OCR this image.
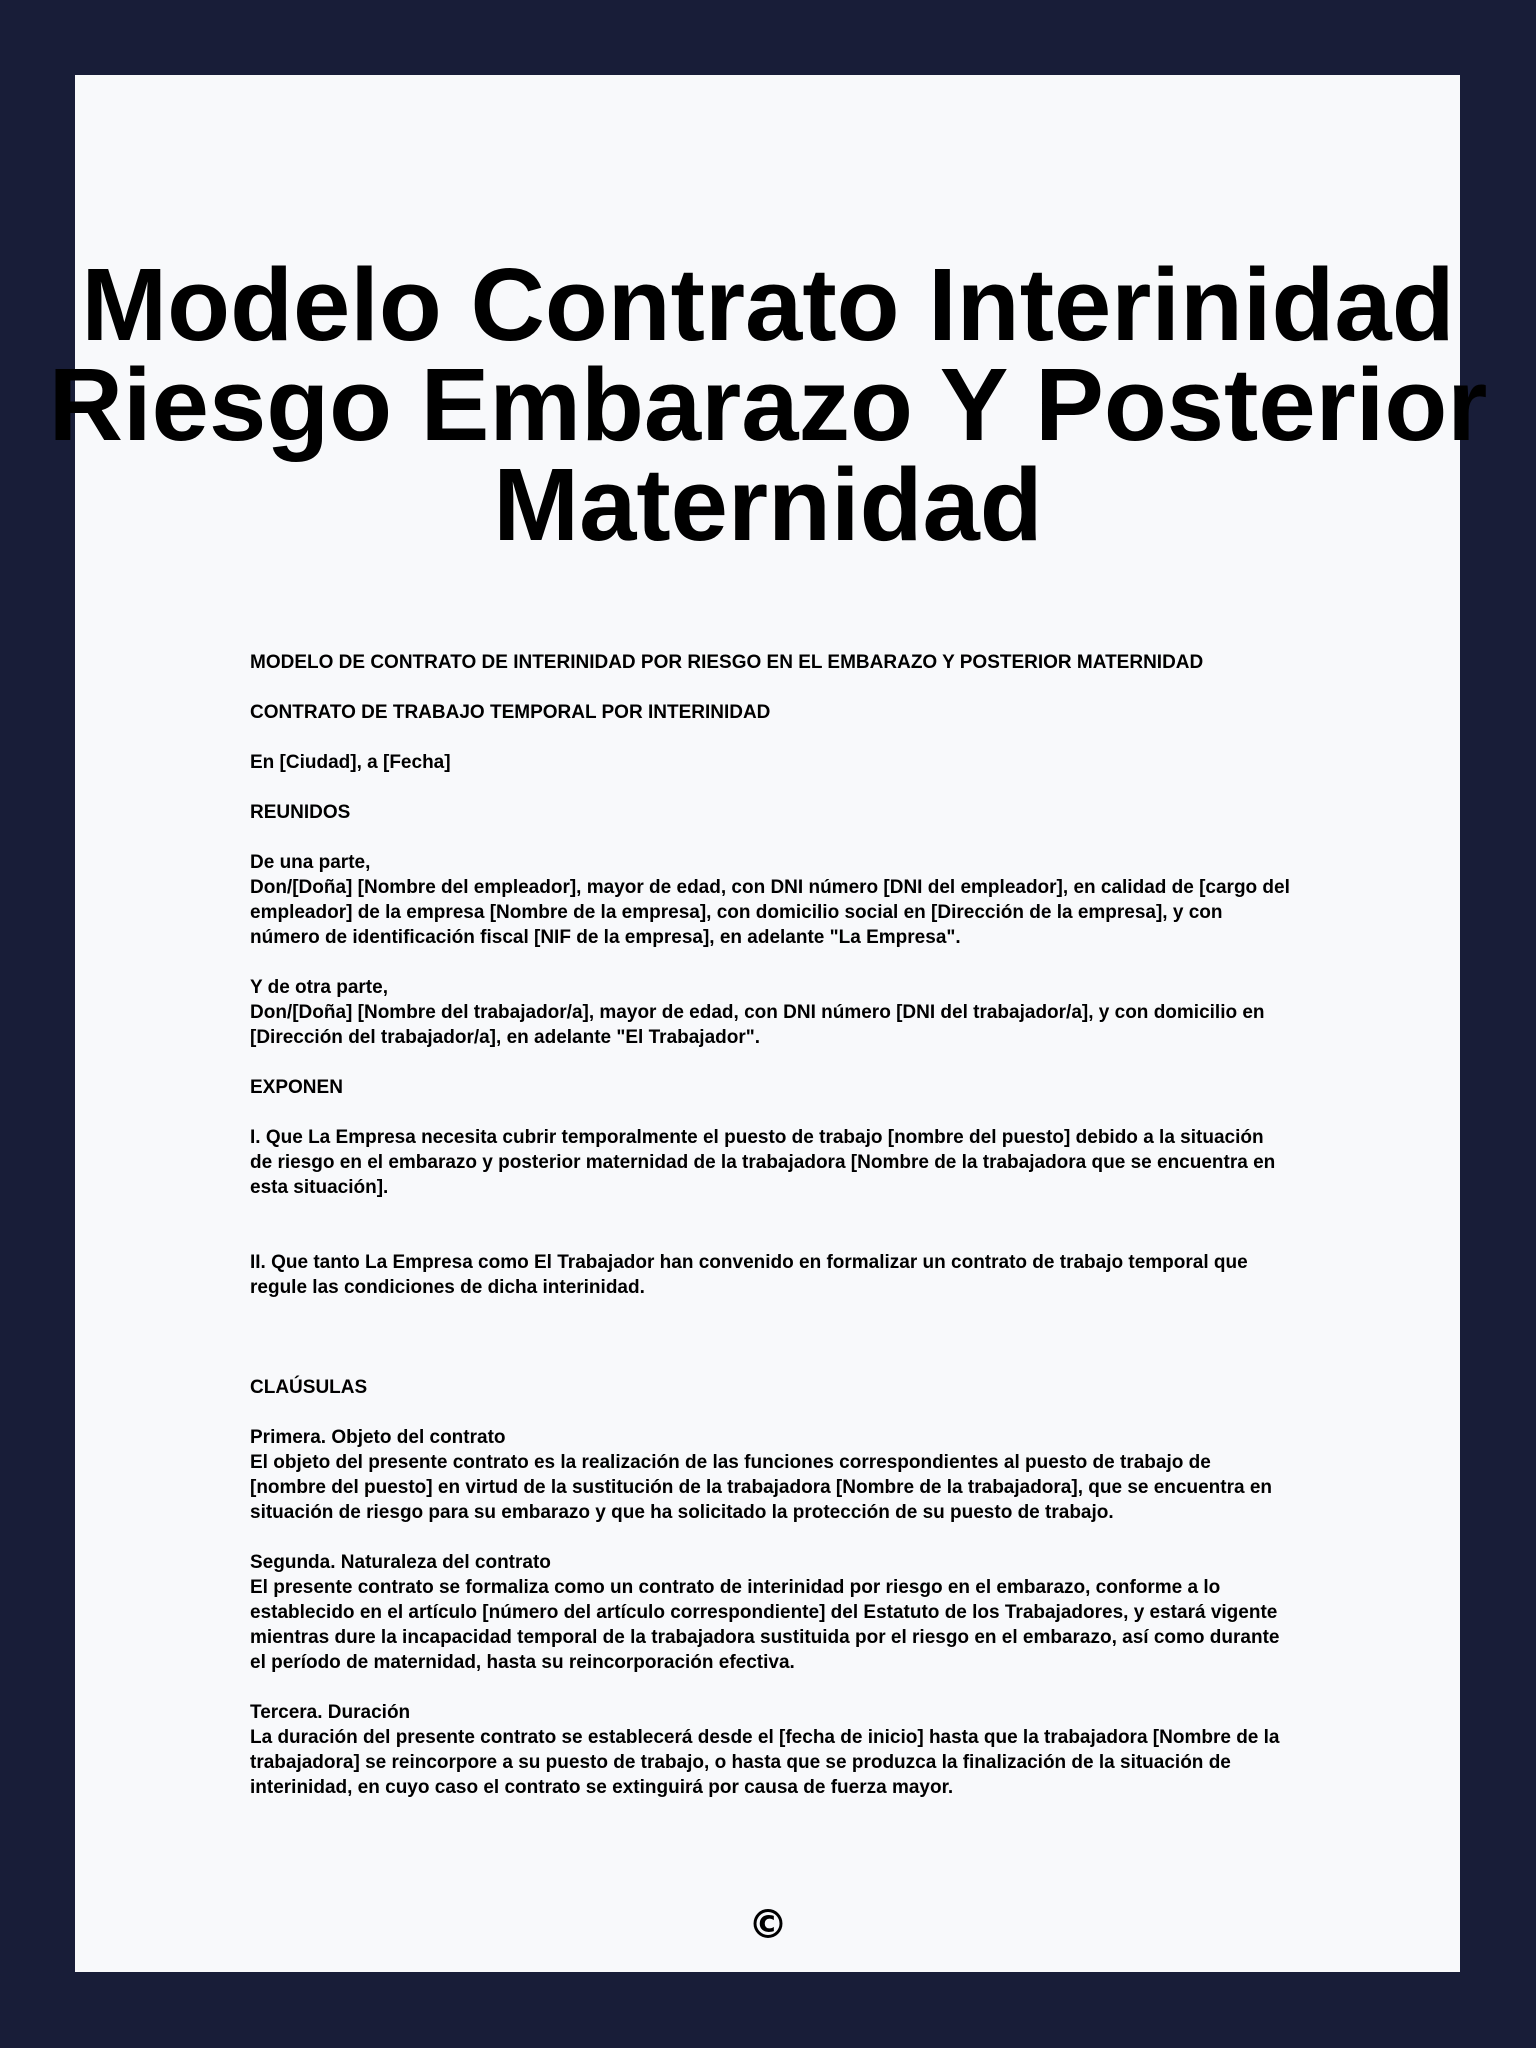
Modelo Contrato Interinidad Riesgo Embarazo Y Posterior Maternidad

MODELO DE CONTRATO DE INTERINIDAD POR RIESGO EN EL EMBARAZO Y POSTERIOR MATERNIDAD

CONTRATO DE TRABAJO TEMPORAL POR INTERINIDAD

En [Ciudad], a [Fecha]

REUNIDOS

De una parte,
Don/[Doña] [Nombre del empleador], mayor de edad, con DNI número [DNI del empleador], en calidad de [cargo del empleador] de la empresa [Nombre de la empresa], con domicilio social en [Dirección de la empresa], y con número de identificación fiscal [NIF de la empresa], en adelante "La Empresa".

Y de otra parte,
Don/[Doña] [Nombre del trabajador/a], mayor de edad, con DNI número [DNI del trabajador/a], y con domicilio en [Dirección del trabajador/a], en adelante "El Trabajador".

EXPONEN

I. Que La Empresa necesita cubrir temporalmente el puesto de trabajo [nombre del puesto] debido a la situación de riesgo en el embarazo y posterior maternidad de la trabajadora [Nombre de la trabajadora que se encuentra en esta situación].

II. Que tanto La Empresa como El Trabajador han convenido en formalizar un contrato de trabajo temporal que regule las condiciones de dicha interinidad.

CLAÚSULAS

Primera. Objeto del contrato
El objeto del presente contrato es la realización de las funciones correspondientes al puesto de trabajo de [nombre del puesto] en virtud de la sustitución de la trabajadora [Nombre de la trabajadora], que se encuentra en situación de riesgo para su embarazo y que ha solicitado la protección de su puesto de trabajo.

Segunda. Naturaleza del contrato
El presente contrato se formaliza como un contrato de interinidad por riesgo en el embarazo, conforme a lo establecido en el artículo [número del artículo correspondiente] del Estatuto de los Trabajadores, y estará vigente mientras dure la incapacidad temporal de la trabajadora sustituida por el riesgo en el embarazo, así como durante el período de maternidad, hasta su reincorporación efectiva.

Tercera. Duración
La duración del presente contrato se establecerá desde el [fecha de inicio] hasta que la trabajadora [Nombre de la trabajadora] se reincorpore a su puesto de trabajo, o hasta que se produzca la finalización de la situación de interinidad, en cuyo caso el contrato se extinguirá por causa de fuerza mayor.

©
